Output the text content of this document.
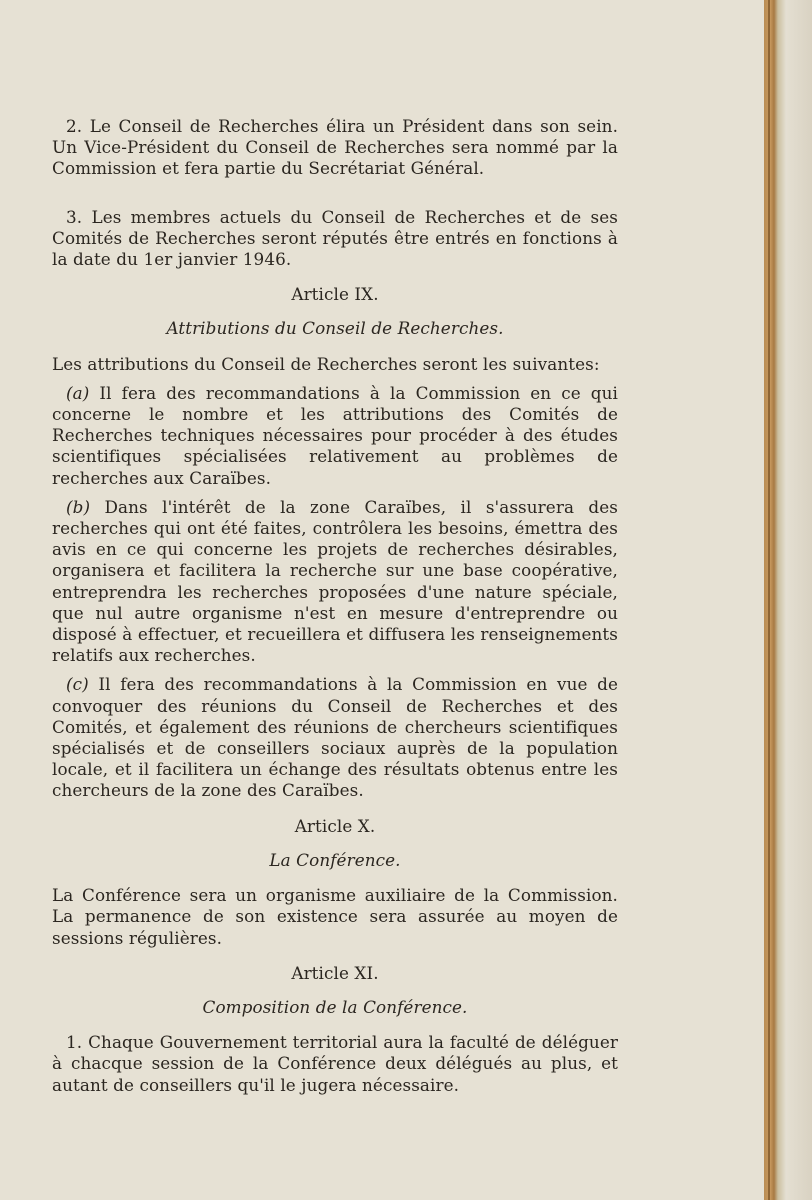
2. Le Conseil de Recherches élira un Président dans son sein. Un Vice-Président du Conseil de Recherches sera nommé par la Commission et fera partie du Secrétariat Général.

3. Les membres actuels du Conseil de Recherches et de ses Comités de Recherches seront réputés être entrés en fonctions à la date du 1er janvier 1946.

Article IX.

Attributions du Conseil de Recherches.

Les attributions du Conseil de Recherches seront les suivantes:

(a) Il fera des recommandations à la Commission en ce qui concerne le nombre et les attributions des Comités de Recherches techniques nécessaires pour procéder à des études scientifiques spécialisées relativement au problèmes de recherches aux Caraïbes.

(b) Dans l'intérêt de la zone Caraïbes, il s'assurera des recherches qui ont été faites, contrôlera les besoins, émettra des avis en ce qui concerne les projets de recherches désirables, organisera et facilitera la recherche sur une base coopérative, entreprendra les recherches proposées d'une nature spéciale, que nul autre organisme n'est en mesure d'entreprendre ou disposé à effectuer, et recueillera et diffusera les renseignements relatifs aux recherches.

(c) Il fera des recommandations à la Commission en vue de convoquer des réunions du Conseil de Recherches et des Comités, et également des réunions de chercheurs scientifiques spécialisés et de conseillers sociaux auprès de la population locale, et il facilitera un échange des résultats obtenus entre les chercheurs de la zone des Caraïbes.

Article X.

La Conférence.

La Conférence sera un organisme auxiliaire de la Commission. La permanence de son existence sera assurée au moyen de sessions régulières.

Article XI.

Composition de la Conférence.

1. Chaque Gouvernement territorial aura la faculté de déléguer à chacque session de la Conférence deux délégués au plus, et autant de conseillers qu'il le jugera nécessaire.
